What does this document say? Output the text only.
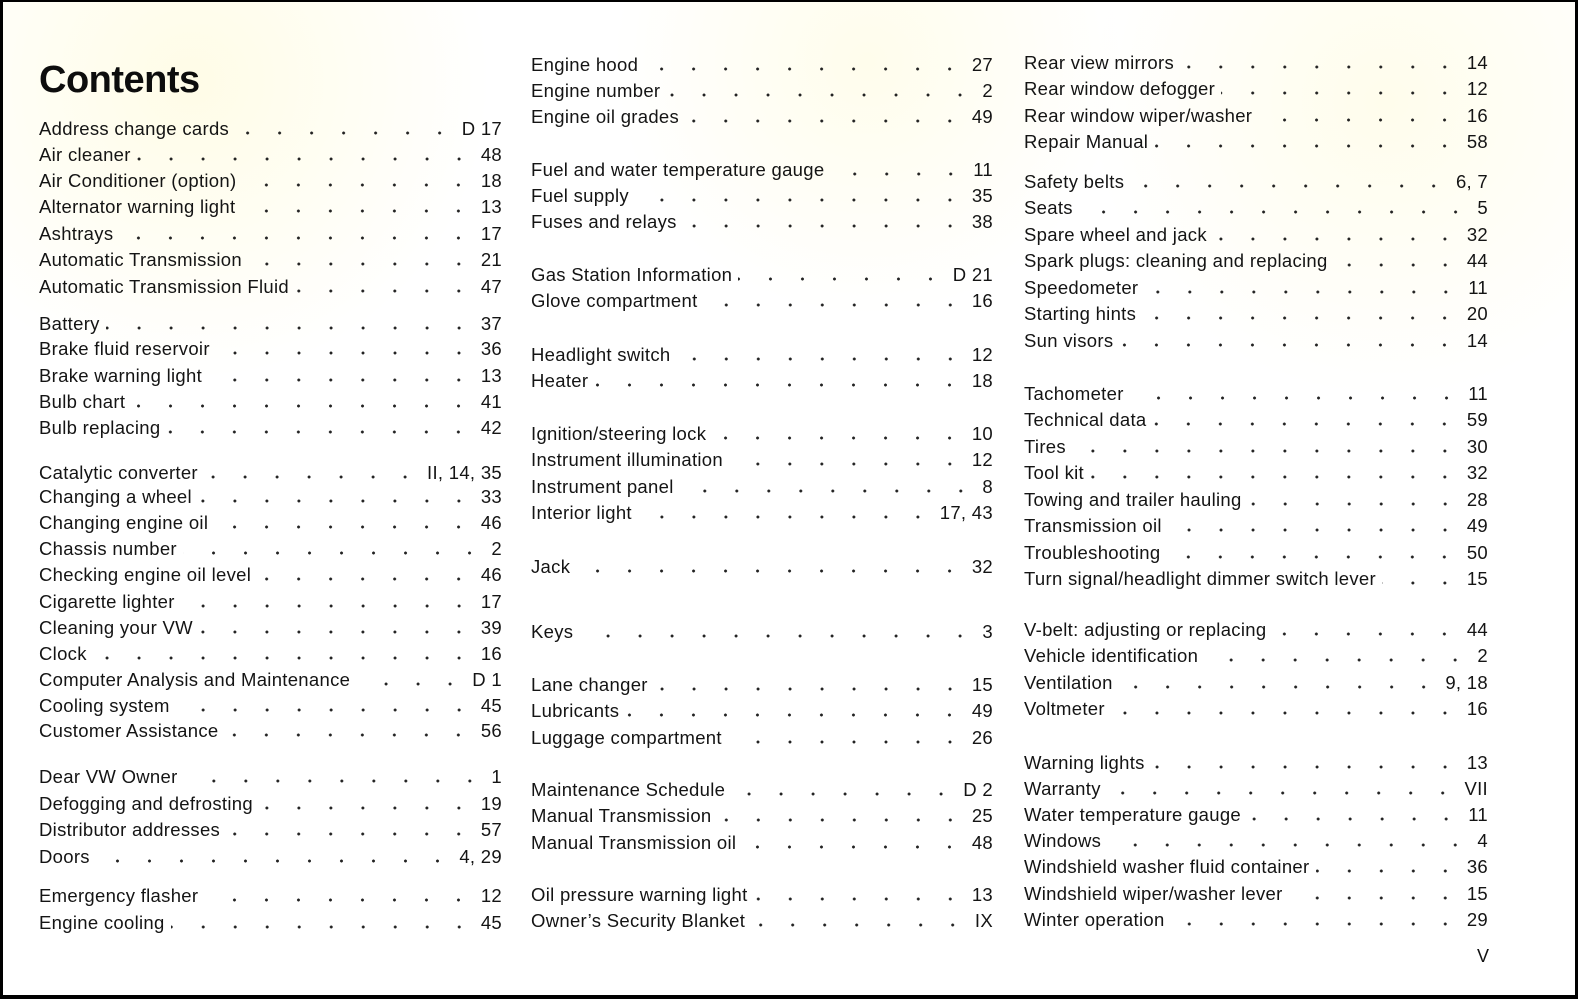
Contents
Address change cards	D 17
Air cleaner	48
Air Conditioner (option)	18
Alternator warning light	13
Ashtrays	17
Automatic Transmission	21
Automatic Transmission Fluid	47
Battery	37
Brake fluid reservoir	36
Brake warning light	13
Bulb chart	41
Bulb replacing	42
Catalytic converter	II, 14, 35
Changing a wheel	33
Changing engine oil	46
Chassis number	2
Checking engine oil level	46
Cigarette lighter	17
Cleaning your VW	39
Clock	16
Computer Analysis and Maintenance	D 1
Cooling system	45
Customer Assistance	56
Dear VW Owner	1
Defogging and defrosting	19
Distributor addresses	57
Doors	4, 29
Emergency flasher	12
Engine cooling	45
Engine hood	27
Engine number	2
Engine oil grades	49
Fuel and water temperature gauge	11
Fuel supply	35
Fuses and relays	38
Gas Station Information	D 21
Glove compartment	16
Headlight switch	12
Heater	18
Ignition/steering lock	10
Instrument illumination	12
Instrument panel	8
Interior light	17, 43
Jack	32
Keys	3
Lane changer	15
Lubricants	49
Luggage compartment	26
Maintenance Schedule	D 2
Manual Transmission	25
Manual Transmission oil	48
Oil pressure warning light	13
Owner’s Security Blanket	IX
Rear view mirrors	14
Rear window defogger	12
Rear window wiper/washer	16
Repair Manual	58
Safety belts	6, 7
Seats	5
Spare wheel and jack	32
Spark plugs: cleaning and replacing	44
Speedometer	11
Starting hints	20
Sun visors	14
Tachometer	11
Technical data	59
Tires	30
Tool kit	32
Towing and trailer hauling	28
Transmission oil	49
Troubleshooting	50
Turn signal/headlight dimmer switch lever	15
V-belt: adjusting or replacing	44
Vehicle identification	2
Ventilation	9, 18
Voltmeter	16
Warning lights	13
Warranty	VII
Water temperature gauge	11
Windows	4
Windshield washer fluid container	36
Windshield wiper/washer lever	15
Winter operation	29
V
